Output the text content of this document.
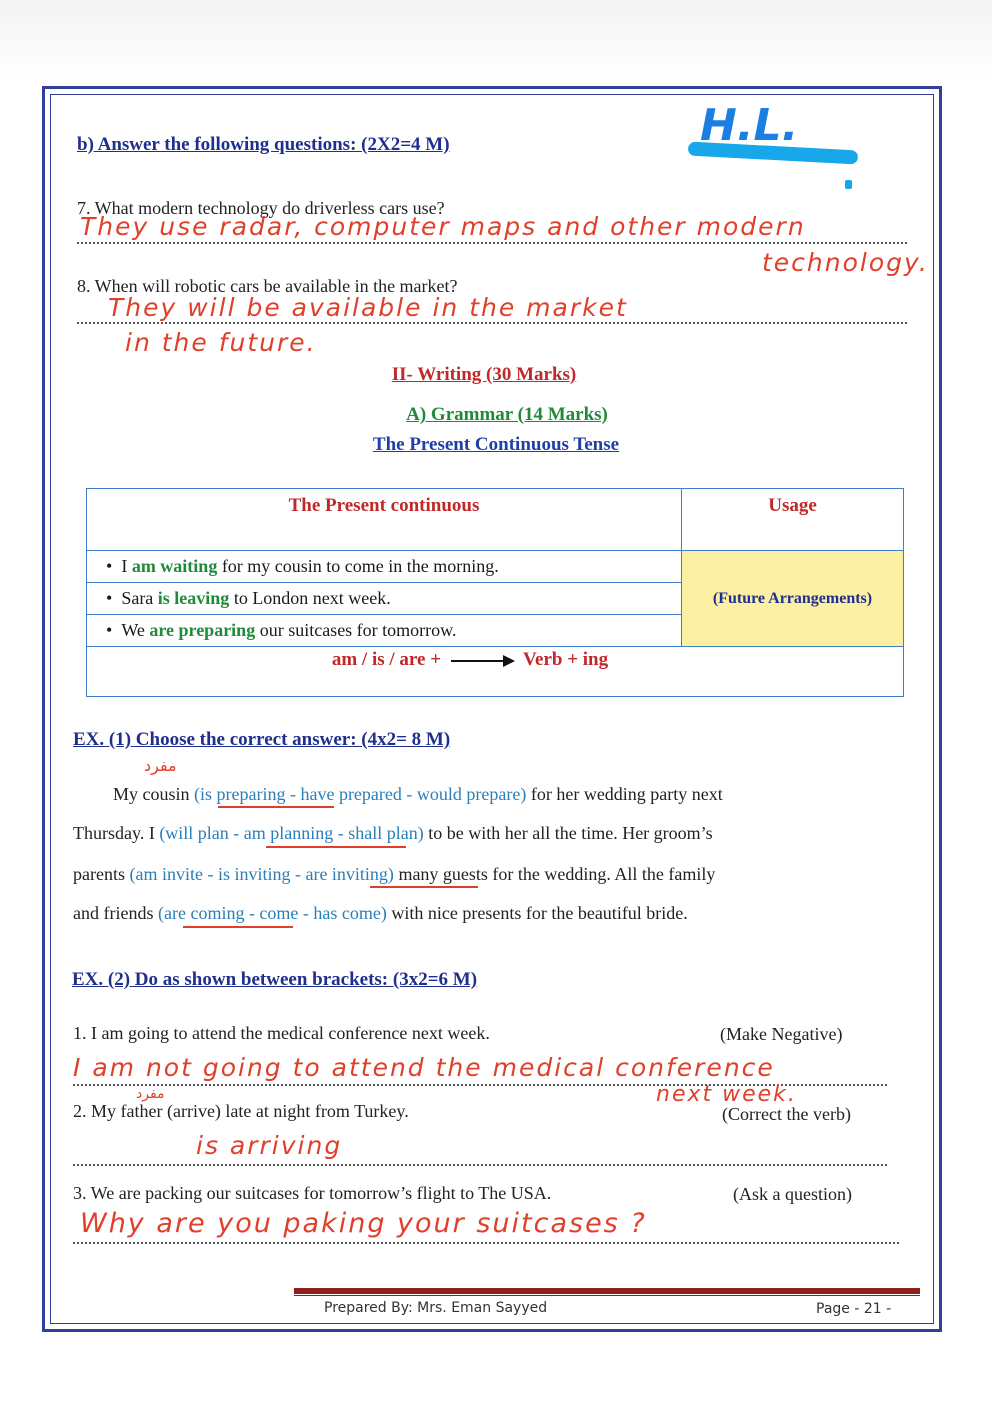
b) Answer the following questions: (2X2=4 M)	H.L.
7. What modern technology do driverless cars use?
They use radar, computer maps and other modern
technology.
8. When will robotic cars be available in the market?
They will be available in the market
in the future.
II- Writing (30 Marks)
A) Grammar (14 Marks)
The Present Continuous Tense
The Present continuous	Usage
•  I am waiting for my cousin to come in the morning.	(Future Arrangements)
•  Sara is leaving to London next week.	
•  We are preparing our suitcases for tomorrow.	
am / is / are + Verb + ing	
EX. (1) Choose the correct answer: (4x2= 8 M)
مفرد
My cousin (is preparing - have prepared - would prepare) for her wedding party next
Thursday. I (will plan - am planning - shall plan) to be with her all the time. Her groom’s
parents (am invite - is inviting - are inviting) many guests for the wedding. All the family
and friends (are coming - come - has come) with nice presents for the beautiful bride.
EX. (2) Do as shown between brackets: (3x2=6 M)
1. I am going to attend the medical conference next week.	(Make Negative)
I am not going to attend the medical conference
next week.
مفرد
2. My father (arrive) late at night from Turkey.	(Correct the verb)
is arriving
3. We are packing our suitcases for tomorrow’s flight to The USA.	(Ask a question)
Why are you paking your suitcases ?
Prepared By: Mrs. Eman Sayyed	Page - 21 -
